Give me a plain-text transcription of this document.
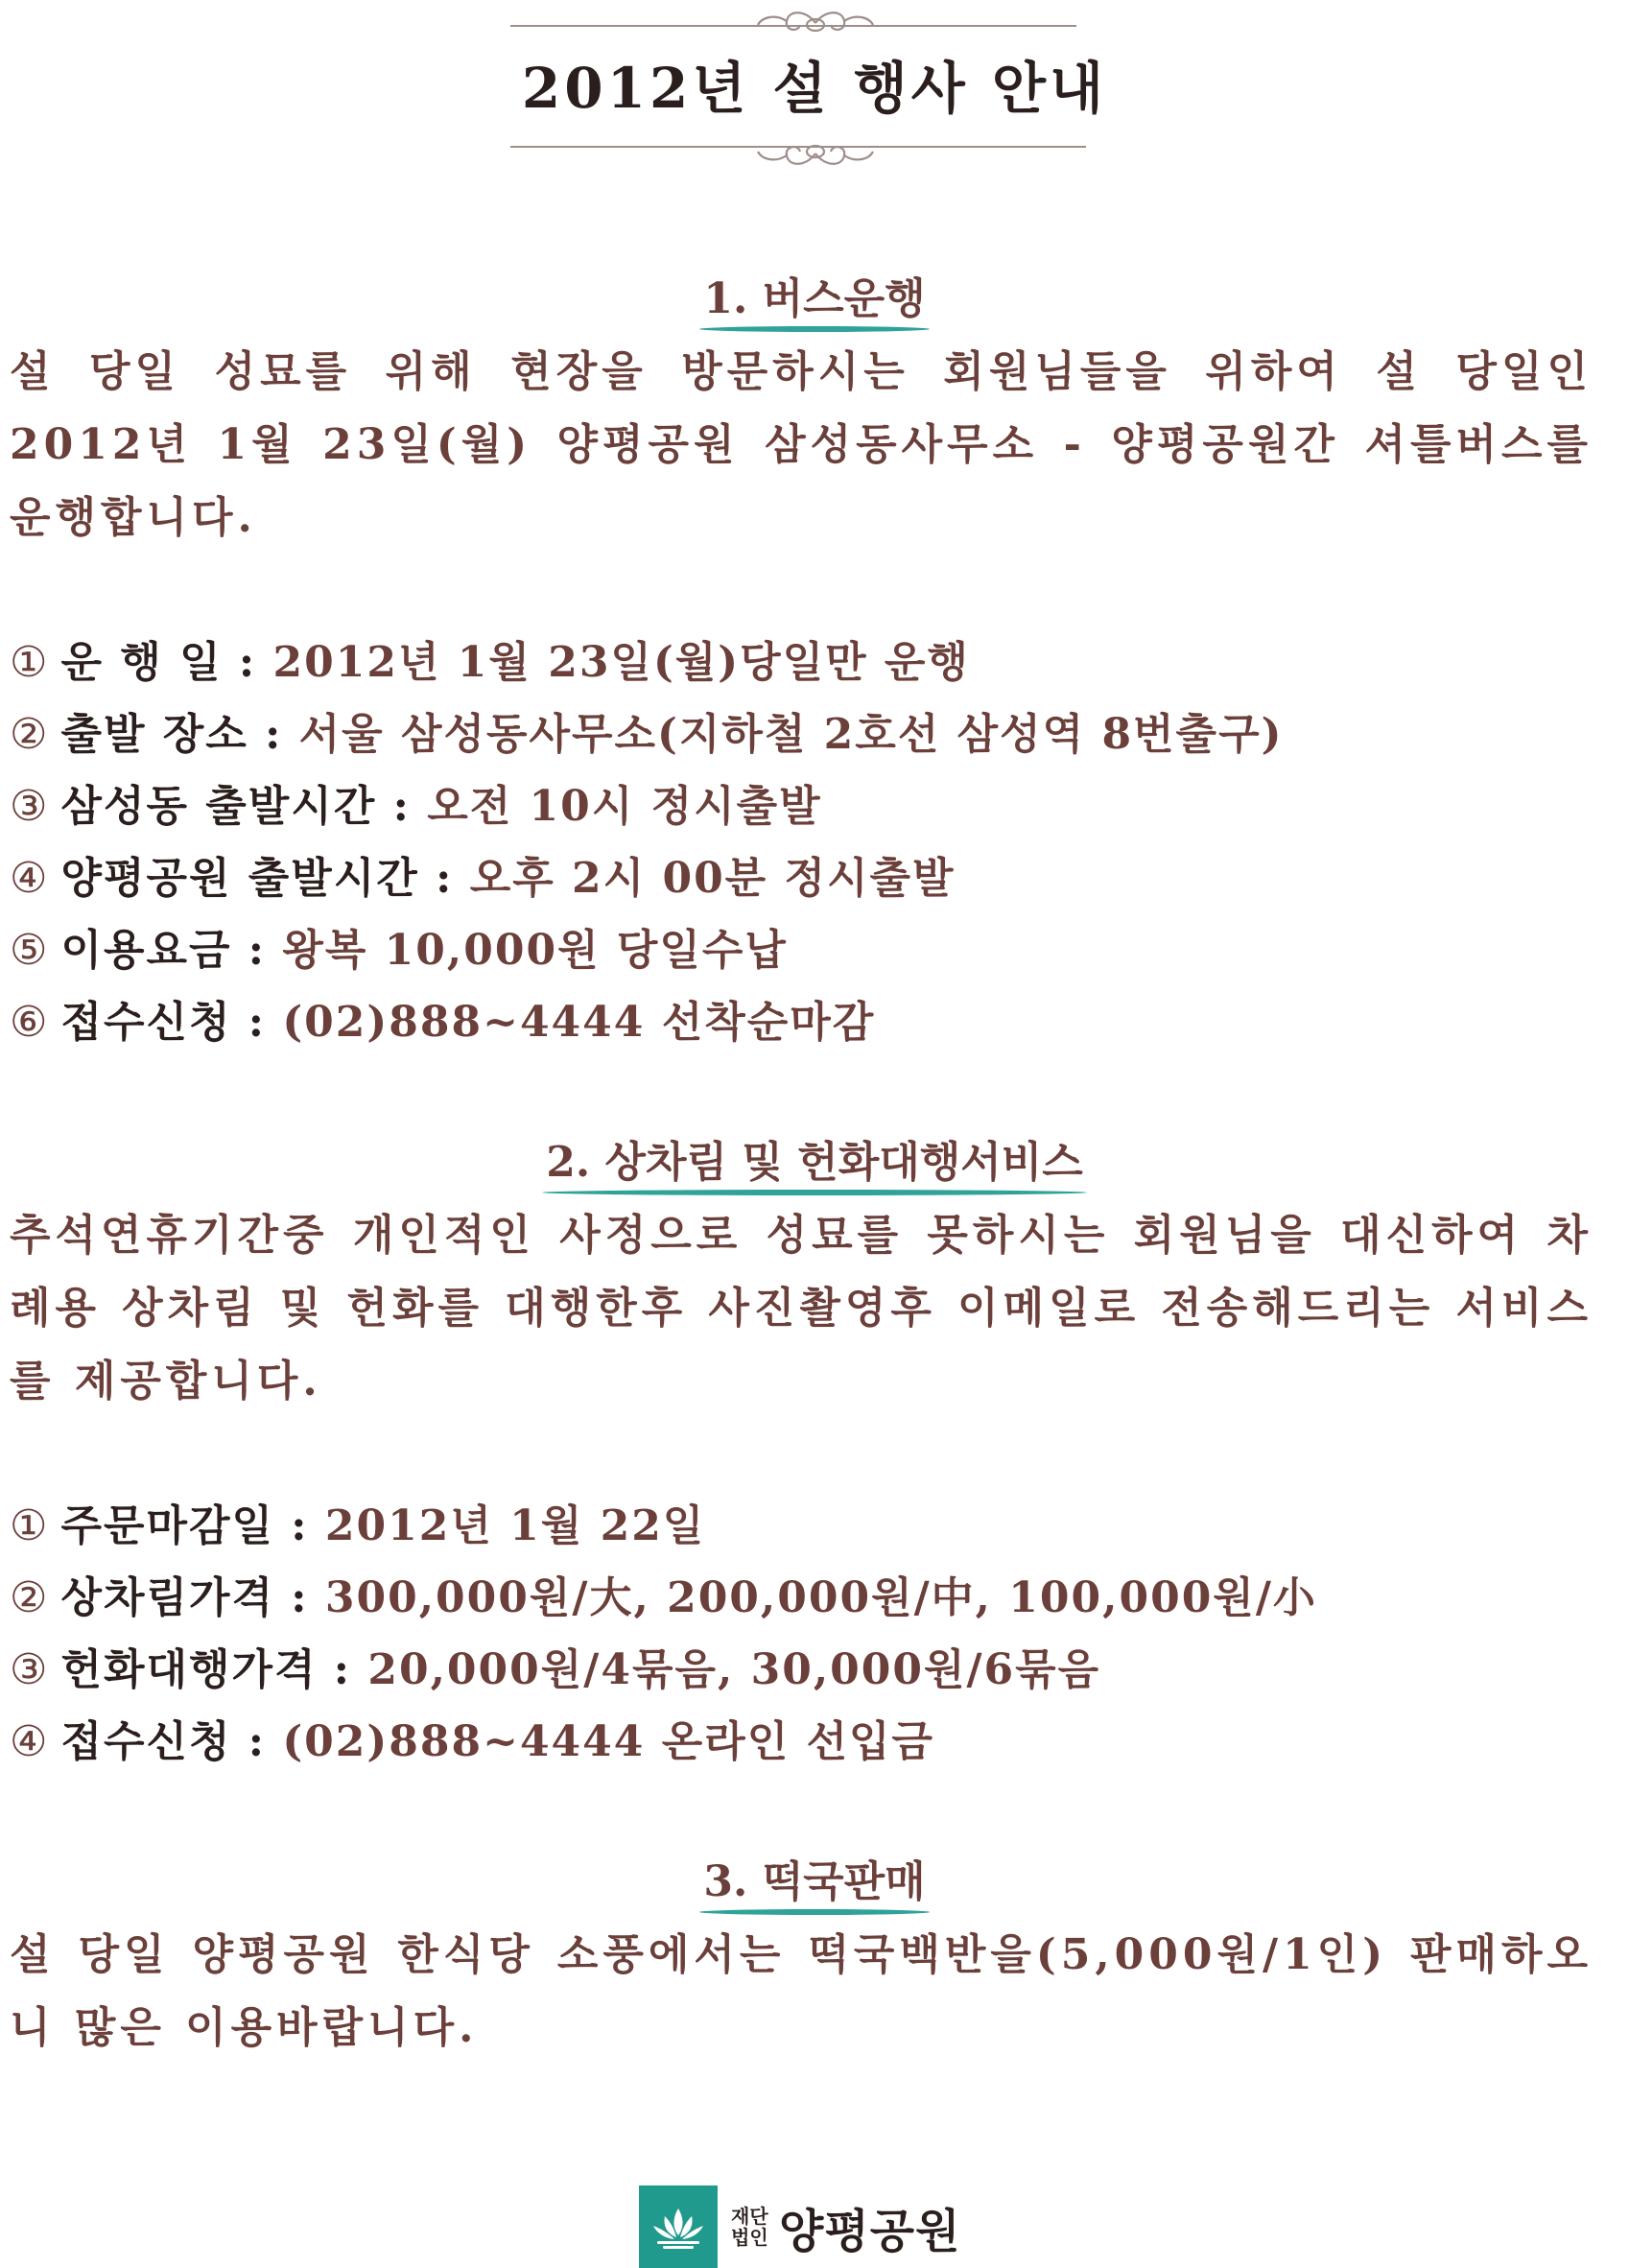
2012년 설 행사 안내
1. 버스운행
설 당일 성묘를 위해 현장을 방문하시는 회원님들을 위하여 설 당일인 2012년 1월 23일(월) 양평공원 삼성동사무소 - 양평공원간 셔틀버스를 운행합니다.
① 운 행 일 : 2012년 1월 23일(월)당일만 운행
② 출발 장소 : 서울 삼성동사무소(지하철 2호선 삼성역 8번출구)
③ 삼성동 출발시간 : 오전 10시 정시출발
④ 양평공원 출발시간 : 오후 2시 00분 정시출발
⑤ 이용요금 : 왕복 10,000원 당일수납
⑥ 접수신청 : (02)888~4444 선착순마감
2. 상차림 및 헌화대행서비스
추석연휴기간중 개인적인 사정으로 성묘를 못하시는 회원님을 대신하여 차례용 상차림 및 헌화를 대행한후 사진촬영후 이메일로 전송해드리는 서비스를 제공합니다.
① 주문마감일 : 2012년 1월 22일
② 상차림가격 : 300,000원/大, 200,000원/中, 100,000원/小
③ 헌화대행가격 : 20,000원/4묶음, 30,000원/6묶음
④ 접수신청 : (02)888~4444 온라인 선입금
3. 떡국판매
설 당일 양평공원 한식당 소풍에서는 떡국백반을(5,000원/1인) 판매하오니 많은 이용바랍니다.
재단법인 양평공원
